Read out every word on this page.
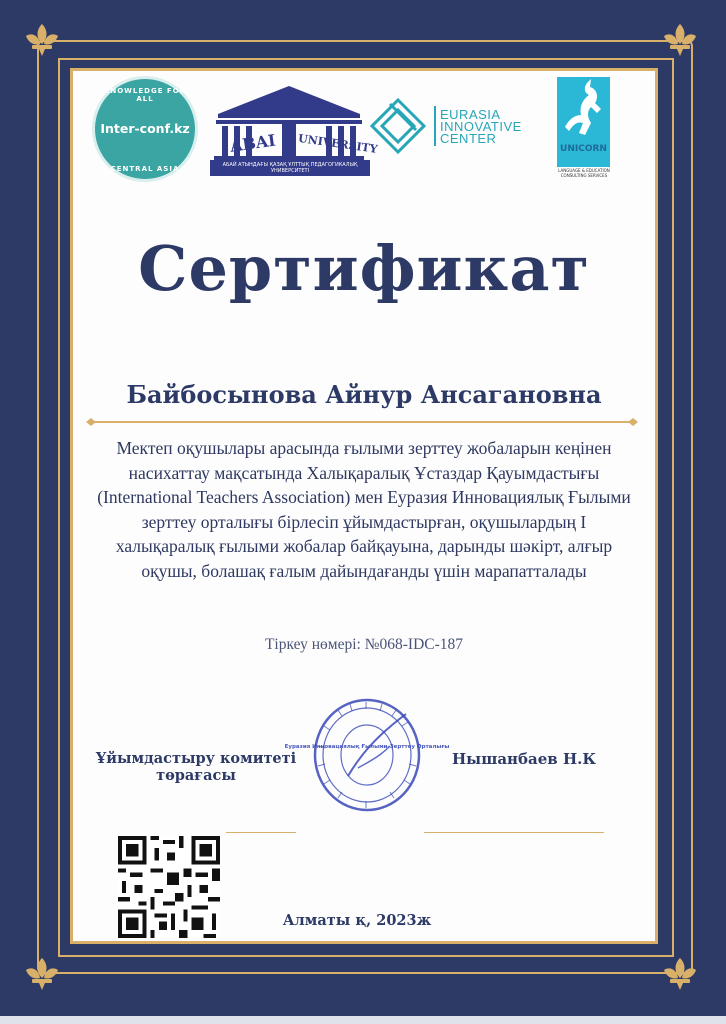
KNOWLEDGE FOR ALL
Inter-conf.kz
CENTRAL ASIA
ABAI UNIVERSITY
АБАЙ АТЫНДАҒЫ ҚАЗАҚ ҰЛТТЫҚ ПЕДАГОГИКАЛЫҚ УНИВЕРСИТЕТІ
EURASIA
INNOVATIVE
CENTER
UNICORN
LANGUAGE & EDUCATION CONSULTING SERVICES
Сертификат
Байбосынова Айнур Ансагановна
Мектеп оқушылары арасында ғылыми зерттеу жобаларын кеңінен насихаттау мақсатында Халықаралық Ұстаздар Қауымдастығы (International Teachers Association) мен Еуразия Инновациялық Ғылыми зерттеу орталығы бірлесіп ұйымдастырған, оқушылардың І халықаралық ғылыми жобалар байқауына, дарынды шәкірт, алғыр оқушы, болашақ ғалым дайындағанды үшін марапатталады
Тіркеу нөмері: №068-IDC-187
Ұйымдастыру комитеті төрағасы
Нышанбаев Н.К
Еуразия Инновациялық Ғылыми-Зерттеу Орталығы
Алматы қ, 2023ж
